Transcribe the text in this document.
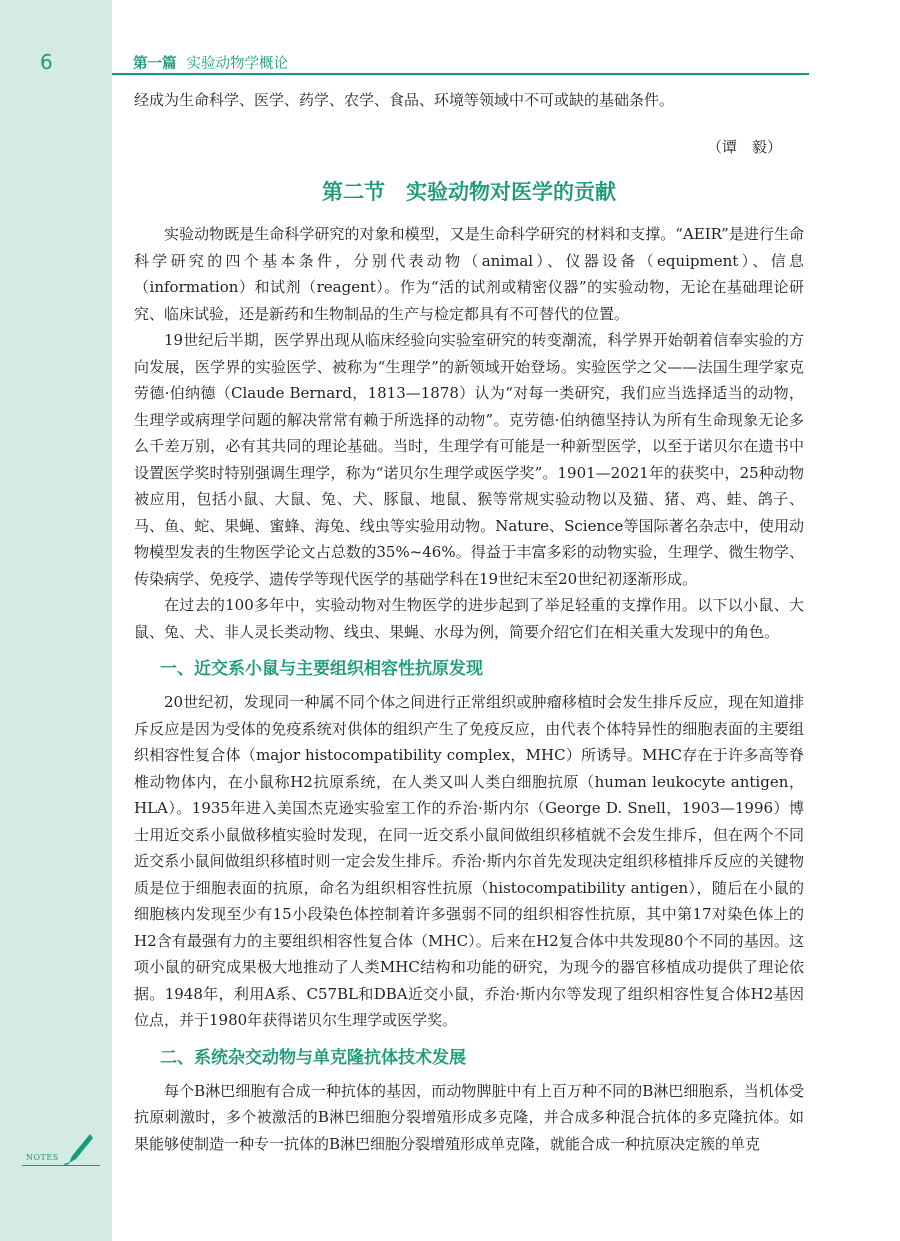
6	第一篇 实验动物学概论

经成为生命科学、医学、药学、农学、食品、环境等领域中不可或缺的基础条件。

（谭　毅）
第二节　实验动物对医学的贡献

实验动物既是生命科学研究的对象和模型，又是生命科学研究的材料和支撑。“AEIR”是进行生命科学研究的四个基本条件，分别代表动物（animal）、仪器设备（equipment）、信息（information）和试剂（reagent）。作为“活的试剂或精密仪器”的实验动物，无论在基础理论研究、临床试验，还是新药和生物制品的生产与检定都具有不可替代的位置。

19世纪后半期，医学界出现从临床经验向实验室研究的转变潮流，科学界开始朝着信奉实验的方向发展，医学界的实验医学、被称为“生理学”的新领域开始登场。实验医学之父——法国生理学家克劳德·伯纳德（Claude Bernard，1813—1878）认为“对每一类研究，我们应当选择适当的动物，生理学或病理学问题的解决常常有赖于所选择的动物”。克劳德·伯纳德坚持认为所有生命现象无论多么千差万别，必有其共同的理论基础。当时，生理学有可能是一种新型医学，以至于诺贝尔在遗书中设置医学奖时特别强调生理学，称为“诺贝尔生理学或医学奖”。1901—2021年的获奖中，25种动物被应用，包括小鼠、大鼠、兔、犬、豚鼠、地鼠、猴等常规实验动物以及猫、猪、鸡、蛙、鸽子、马、鱼、蛇、果蝇、蜜蜂、海兔、线虫等实验用动物。Nature、Science等国际著名杂志中，使用动物模型发表的生物医学论文占总数的35%~46%。得益于丰富多彩的动物实验，生理学、微生物学、传染病学、免疫学、遗传学等现代医学的基础学科在19世纪末至20世纪初逐渐形成。

在过去的100多年中，实验动物对生物医学的进步起到了举足轻重的支撑作用。以下以小鼠、大鼠、兔、犬、非人灵长类动物、线虫、果蝇、水母为例，简要介绍它们在相关重大发现中的角色。

一、近交系小鼠与主要组织相容性抗原发现

20世纪初，发现同一种属不同个体之间进行正常组织或肿瘤移植时会发生排斥反应，现在知道排斥反应是因为受体的免疫系统对供体的组织产生了免疫反应，由代表个体特异性的细胞表面的主要组织相容性复合体（major histocompatibility complex，MHC）所诱导。MHC存在于许多高等脊椎动物体内，在小鼠称H2抗原系统，在人类又叫人类白细胞抗原（human leukocyte antigen，HLA）。1935年进入美国杰克逊实验室工作的乔治·斯内尔（George D. Snell，1903—1996）博士用近交系小鼠做移植实验时发现，在同一近交系小鼠间做组织移植就不会发生排斥，但在两个不同近交系小鼠间做组织移植时则一定会发生排斥。乔治·斯内尔首先发现决定组织移植排斥反应的关键物质是位于细胞表面的抗原，命名为组织相容性抗原（histocompatibility antigen），随后在小鼠的细胞核内发现至少有15小段染色体控制着许多强弱不同的组织相容性抗原，其中第17对染色体上的H2含有最强有力的主要组织相容性复合体（MHC）。后来在H2复合体中共发现80个不同的基因。这项小鼠的研究成果极大地推动了人类MHC结构和功能的研究，为现今的器官移植成功提供了理论依据。1948年，利用A系、C57BL和DBA近交小鼠，乔治·斯内尔等发现了组织相容性复合体H2基因位点，并于1980年获得诺贝尔生理学或医学奖。

二、系统杂交动物与单克隆抗体技术发展

每个B淋巴细胞有合成一种抗体的基因，而动物脾脏中有上百万种不同的B淋巴细胞系，当机体受抗原刺激时，多个被激活的B淋巴细胞分裂增殖形成多克隆，并合成多种混合抗体的多克隆抗体。如果能够使制造一种专一抗体的B淋巴细胞分裂增殖形成单克隆，就能合成一种抗原决定簇的单克

NOTES
